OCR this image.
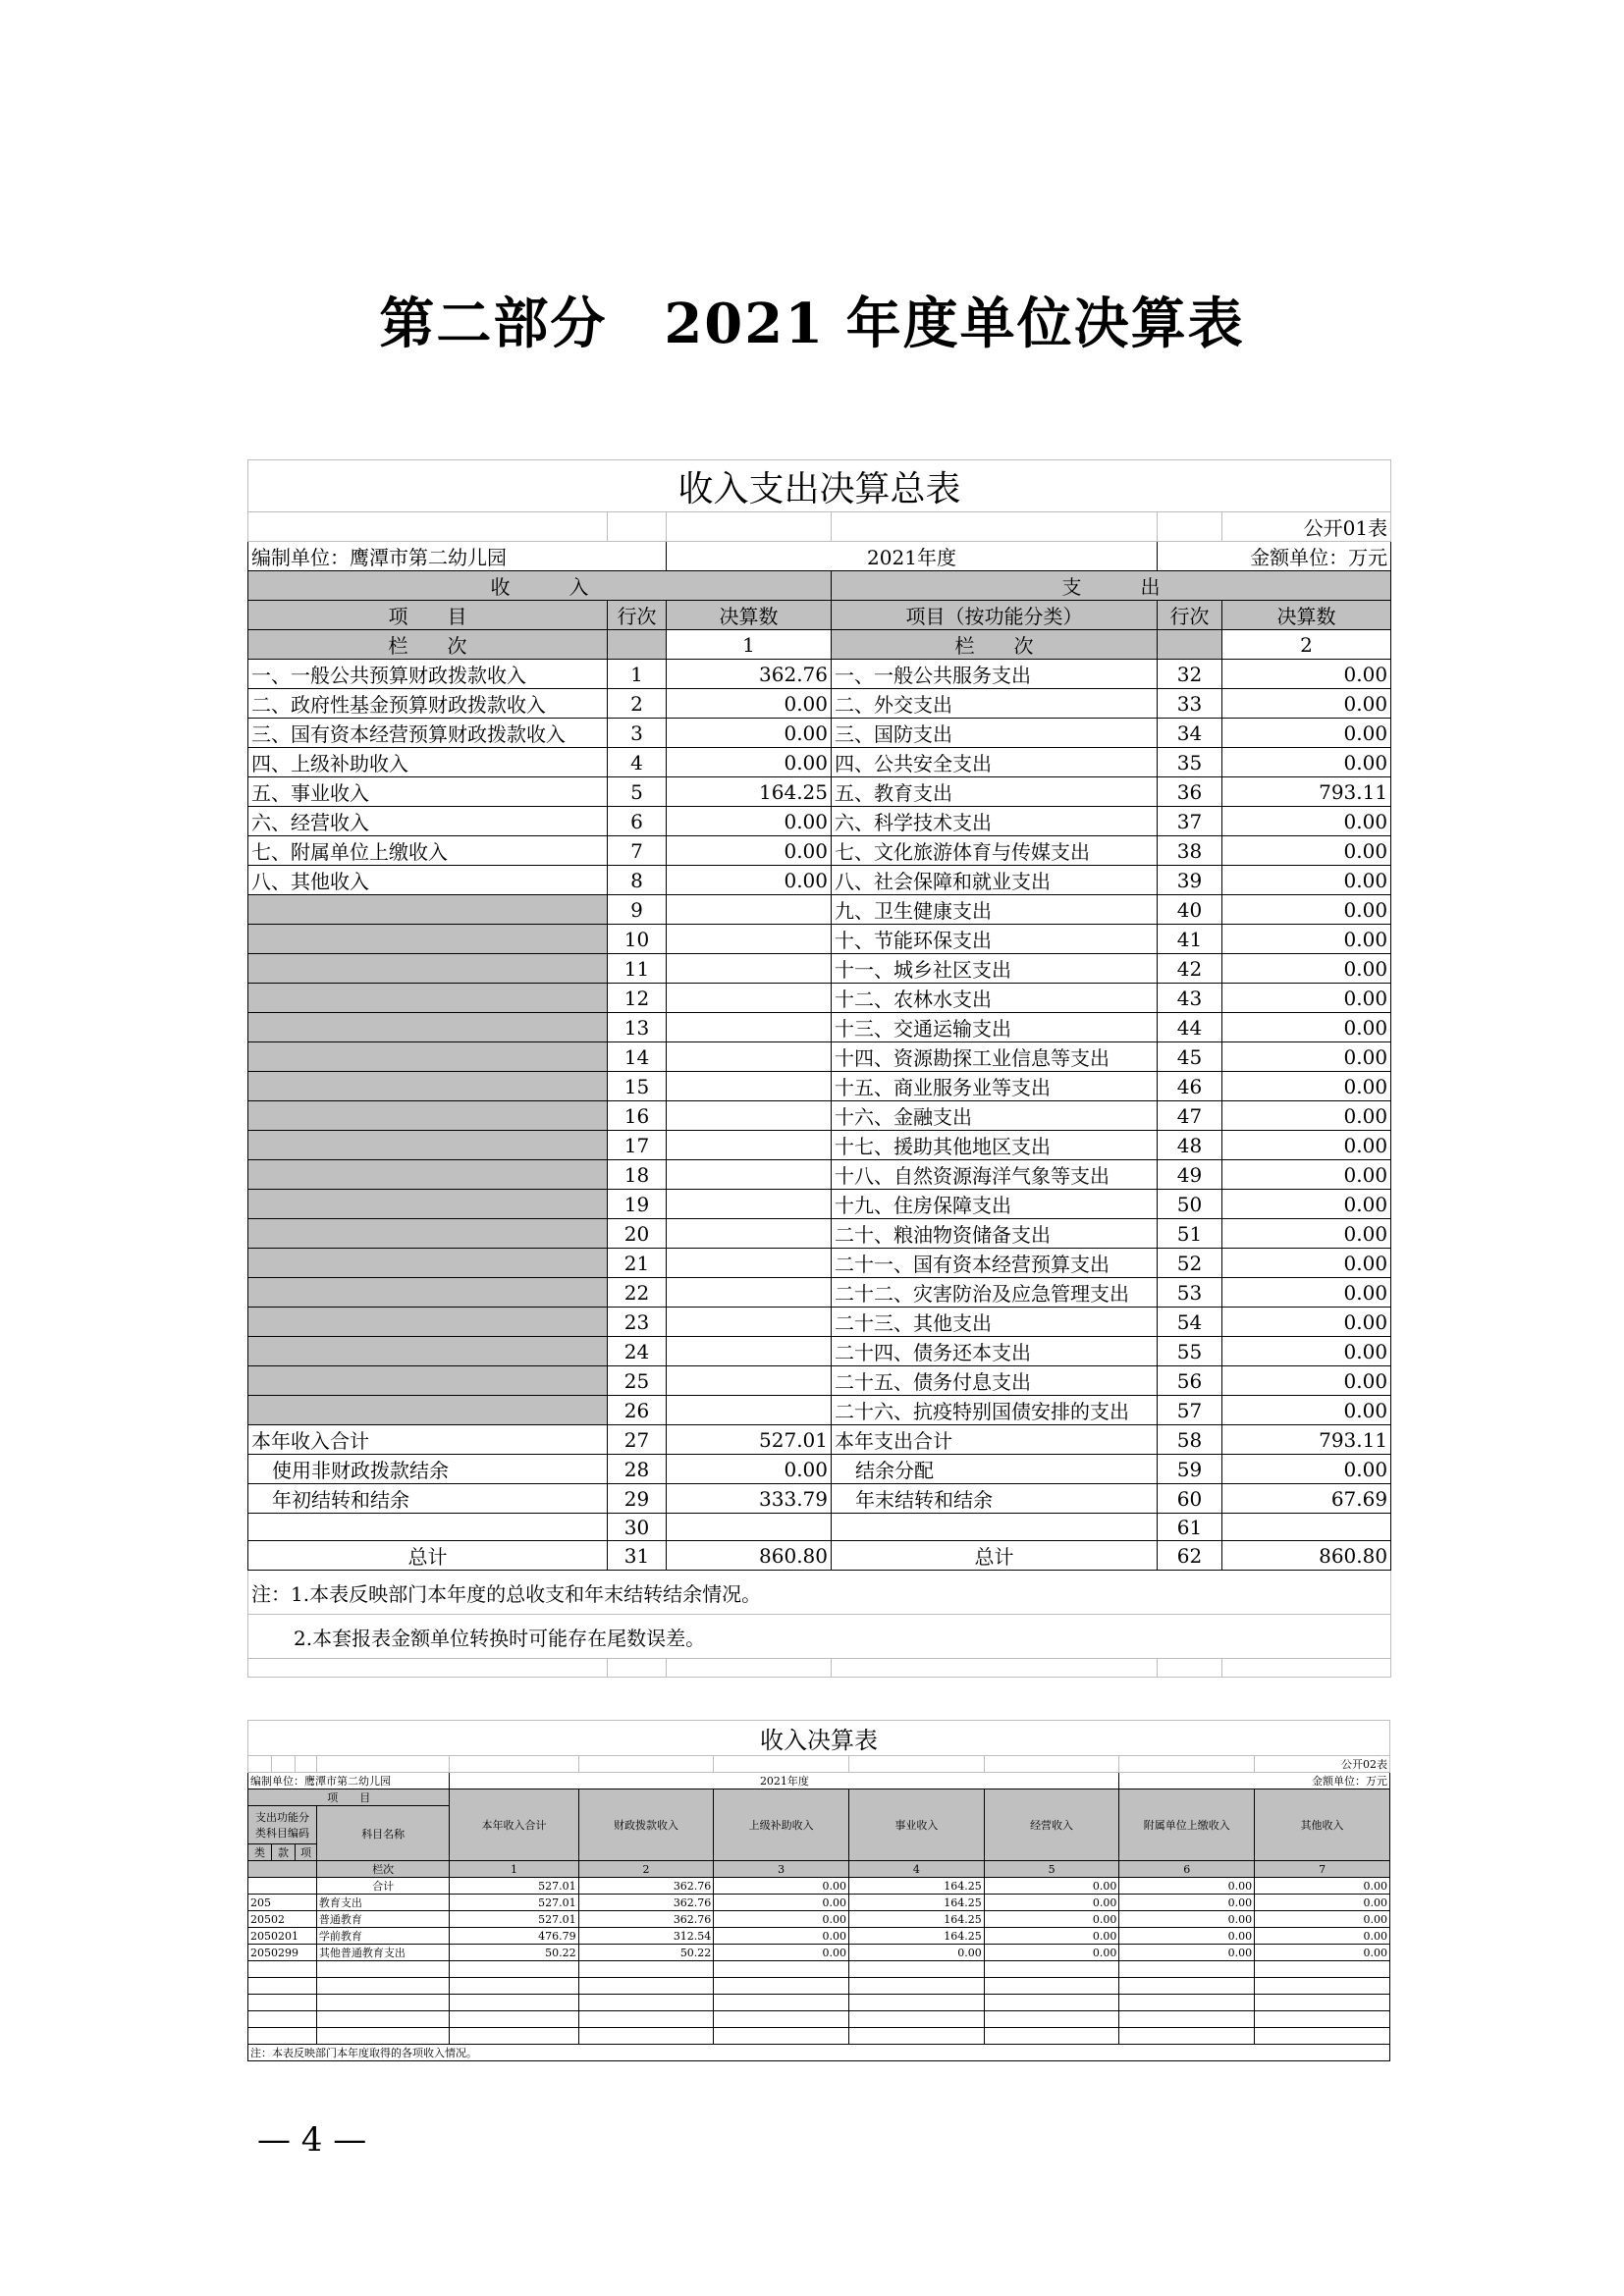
第二部分　2021 年度单位决算表
收入支出决算总表					
					公开01表
编制单位：鹰潭市第二幼儿园		2021年度		金额单位：万元	
收　　　入			支　　　出		
项　　目	行次	决算数	项目（按功能分类）	行次	决算数
栏　　次		1	栏　　次		2
一、一般公共预算财政拨款收入	1	362.76	一、一般公共服务支出	32	0.00
二、政府性基金预算财政拨款收入	2	0.00	二、外交支出	33	0.00
三、国有资本经营预算财政拨款收入	3	0.00	三、国防支出	34	0.00
四、上级补助收入	4	0.00	四、公共安全支出	35	0.00
五、事业收入	5	164.25	五、教育支出	36	793.11
六、经营收入	6	0.00	六、科学技术支出	37	0.00
七、附属单位上缴收入	7	0.00	七、文化旅游体育与传媒支出	38	0.00
八、其他收入	8	0.00	八、社会保障和就业支出	39	0.00
	9		九、卫生健康支出	40	0.00
	10		十、节能环保支出	41	0.00
	11		十一、城乡社区支出	42	0.00
	12		十二、农林水支出	43	0.00
	13		十三、交通运输支出	44	0.00
	14		十四、资源勘探工业信息等支出	45	0.00
	15		十五、商业服务业等支出	46	0.00
	16		十六、金融支出	47	0.00
	17		十七、援助其他地区支出	48	0.00
	18		十八、自然资源海洋气象等支出	49	0.00
	19		十九、住房保障支出	50	0.00
	20		二十、粮油物资储备支出	51	0.00
	21		二十一、国有资本经营预算支出	52	0.00
	22		二十二、灾害防治及应急管理支出	53	0.00
	23		二十三、其他支出	54	0.00
	24		二十四、债务还本支出	55	0.00
	25		二十五、债务付息支出	56	0.00
	26		二十六、抗疫特别国债安排的支出	57	0.00
本年收入合计	27	527.01	本年支出合计	58	793.11
使用非财政拨款结余	28	0.00	结余分配	59	0.00
年初结转和结余	29	333.79	年末结转和结余	60	67.69
	30			61	
总计	31	860.80	总计	62	860.80
注：1.本表反映部门本年度的总收支和年末结转结余情况。					
2.本套报表金额单位转换时可能存在尾数误差。					

收入决算表										
										公开02表
编制单位：鹰潭市第二幼儿园				2021年度					金额单位：万元	
项　　目				本年收入合计	财政拨款收入	上级补助收入	事业收入	经营收入	附属单位上缴收入	其他收入
支出功能分类科目编码			科目名称							
类	款	项								
			栏次	1	2	3	4	5	6	7
			合计	527.01	362.76	0.00	164.25	0.00	0.00	0.00
205			教育支出	527.01	362.76	0.00	164.25	0.00	0.00	0.00
20502			普通教育	527.01	362.76	0.00	164.25	0.00	0.00	0.00
2050201			学前教育	476.79	312.54	0.00	164.25	0.00	0.00	0.00
2050299			其他普通教育支出	50.22	50.22	0.00	0.00	0.00	0.00	0.00

注：本表反映部门本年度取得的各项收入情况。										
— 4 —
